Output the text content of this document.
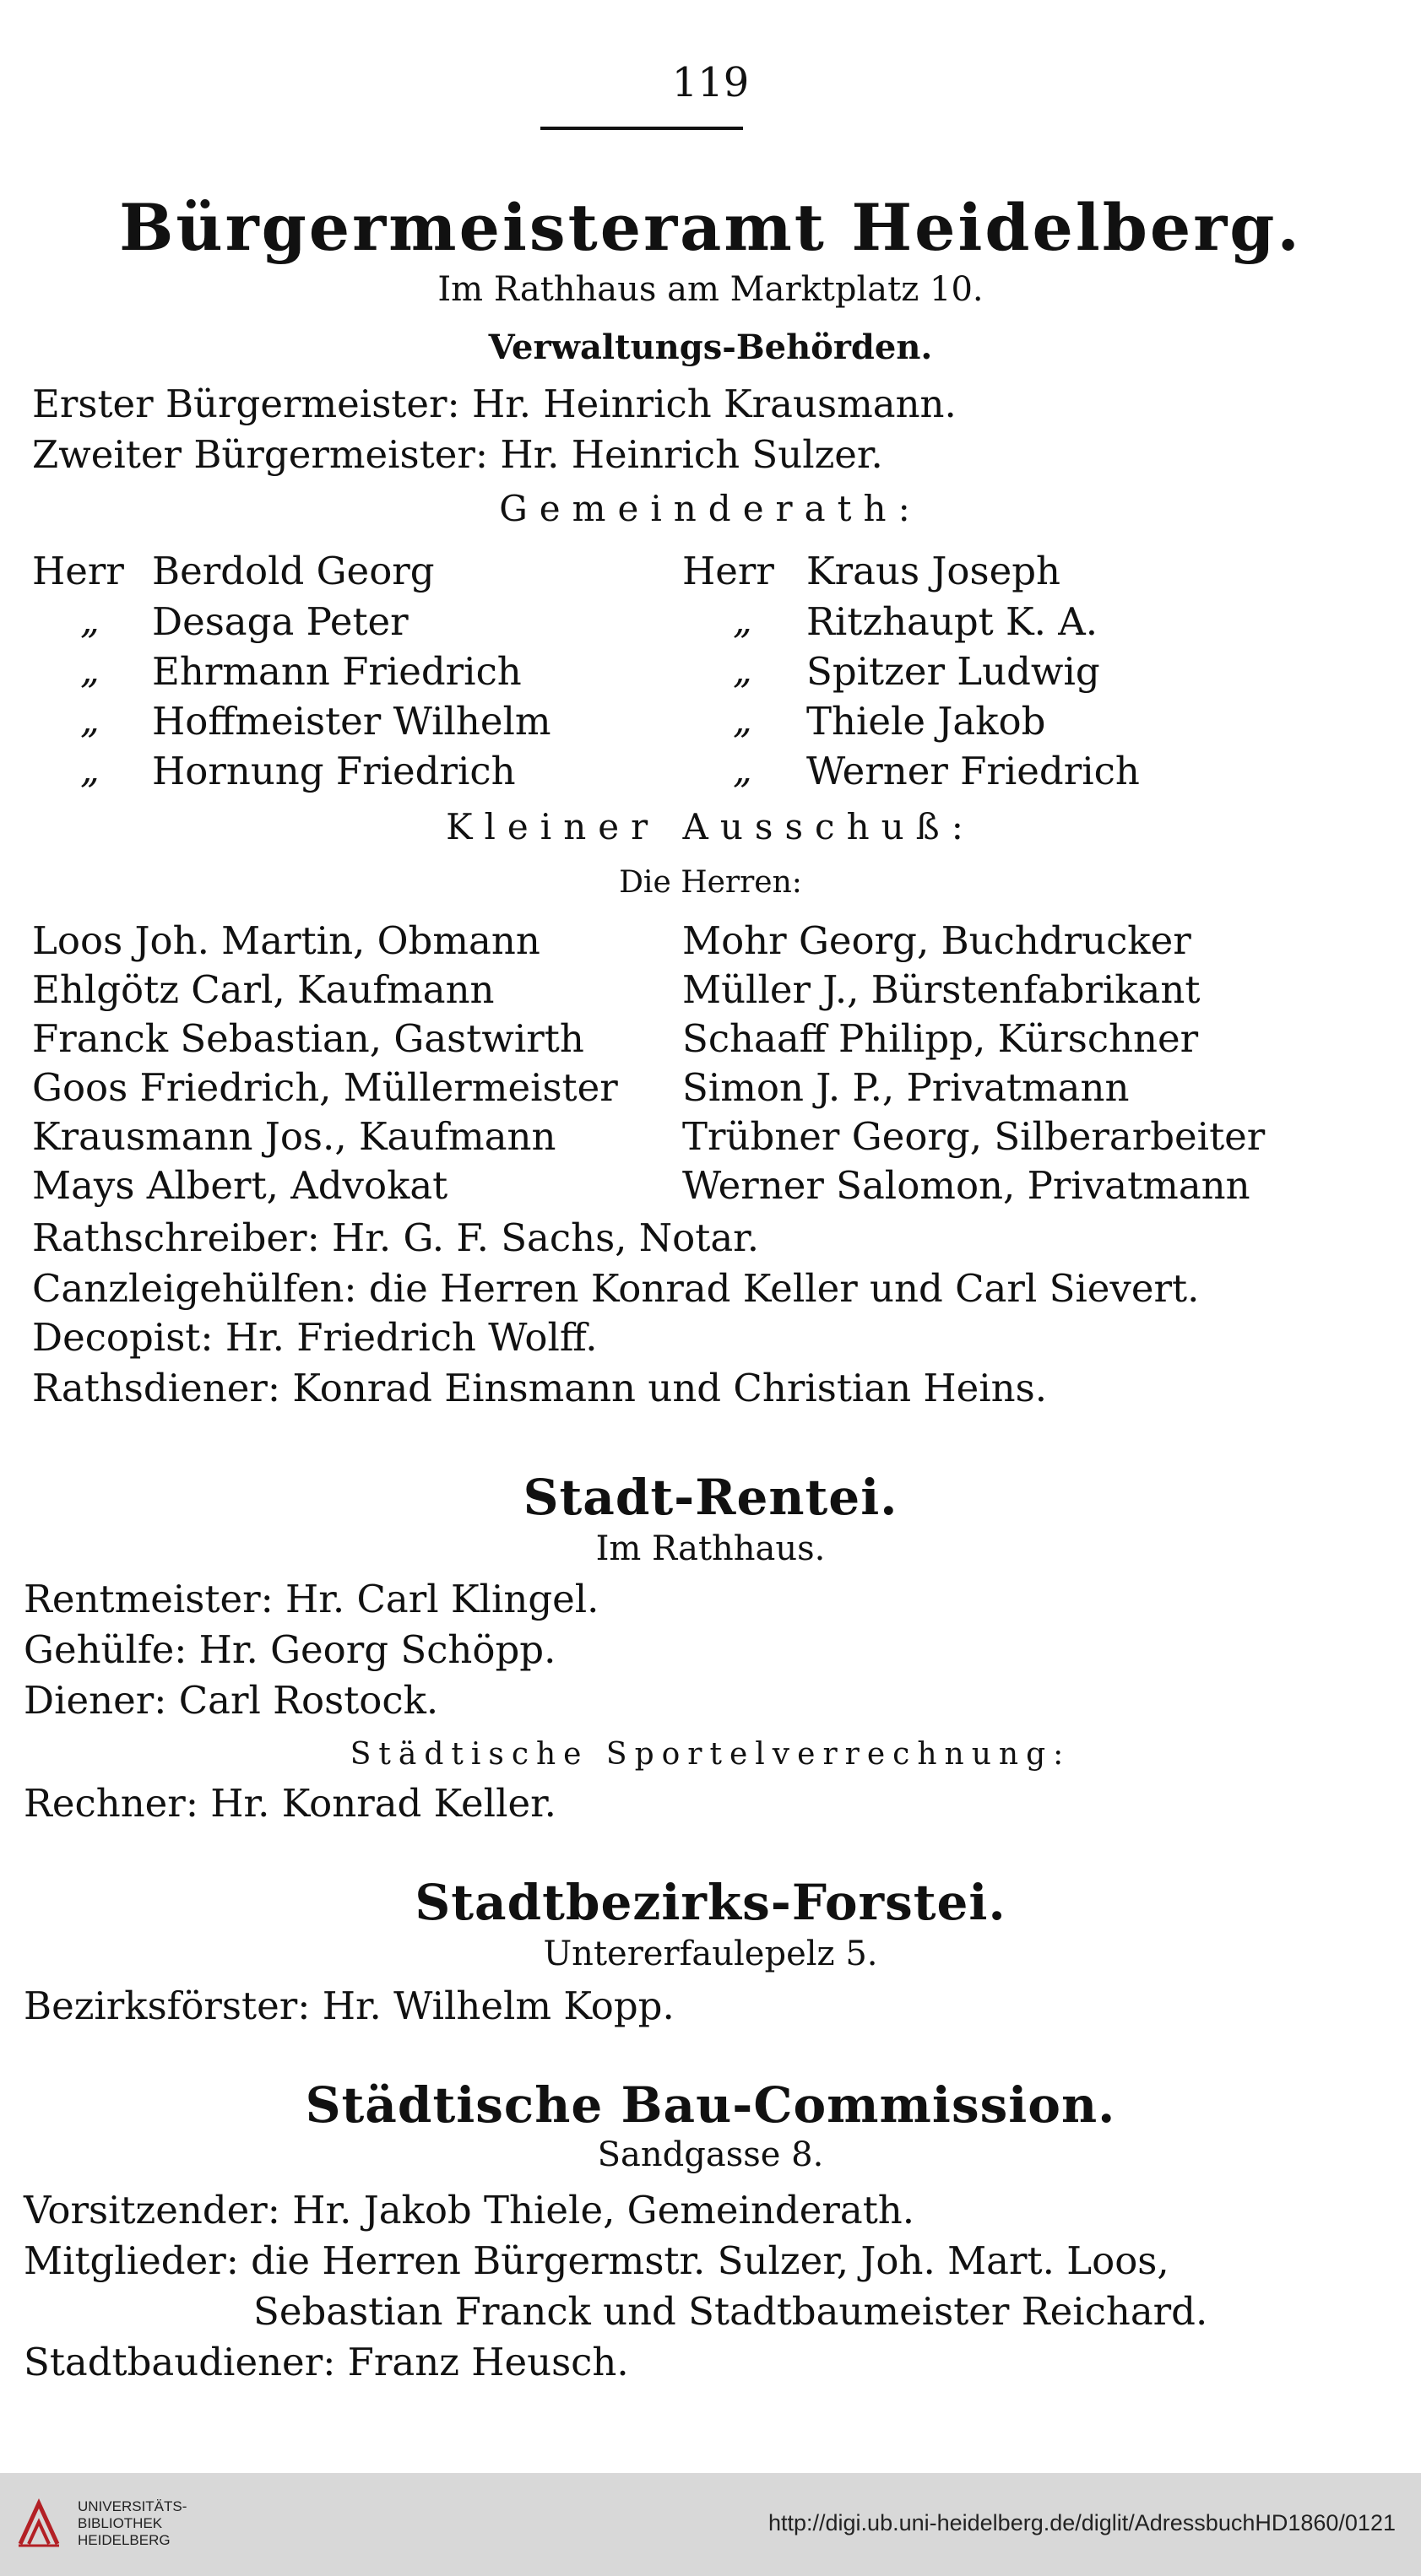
119
Bürgermeisteramt Heidelberg.
Im Rathhaus am Marktplatz 10.
Verwaltungs-Behörden.
Erster Bürgermeister: Hr. Heinrich Krausmann.
Zweiter Bürgermeister: Hr. Heinrich Sulzer.
Gemeinderath:
Herr Berdold Georg
„ Desaga Peter
„ Ehrmann Friedrich
„ Hoffmeister Wilhelm
„ Hornung Friedrich
Herr Kraus Joseph
„ Ritzhaupt K. A.
„ Spitzer Ludwig
„ Thiele Jakob
„ Werner Friedrich
Kleiner Ausschuß:
Die Herren:
Loos Joh. Martin, Obmann
Ehlgötz Carl, Kaufmann
Franck Sebastian, Gastwirth
Goos Friedrich, Müllermeister
Krausmann Jos., Kaufmann
Mays Albert, Advokat
Mohr Georg, Buchdrucker
Müller J., Bürstenfabrikant
Schaaff Philipp, Kürschner
Simon J. P., Privatmann
Trübner Georg, Silberarbeiter
Werner Salomon, Privatmann
Rathschreiber: Hr. G. F. Sachs, Notar.
Canzleigehülfen: die Herren Konrad Keller und Carl Sievert.
Decopist: Hr. Friedrich Wolff.
Rathsdiener: Konrad Einsmann und Christian Heins.
Stadt-Rentei.
Im Rathhaus.
Rentmeister: Hr. Carl Klingel.
Gehülfe: Hr. Georg Schöpp.
Diener: Carl Rostock.
Städtische Sportelverrechnung:
Rechner: Hr. Konrad Keller.
Stadtbezirks-Forstei.
Untererfaulepelz 5.
Bezirksförster: Hr. Wilhelm Kopp.
Städtische Bau-Commission.
Sandgasse 8.
Vorsitzender: Hr. Jakob Thiele, Gemeinderath.
Mitglieder: die Herren Bürgermstr. Sulzer, Joh. Mart. Loos,
Sebastian Franck und Stadtbaumeister Reichard.
Stadtbaudiener: Franz Heusch.
UNIVERSITÄTS-
BIBLIOTHEK
HEIDELBERG
http://digi.ub.uni-heidelberg.de/diglit/AdressbuchHD1860/0121
